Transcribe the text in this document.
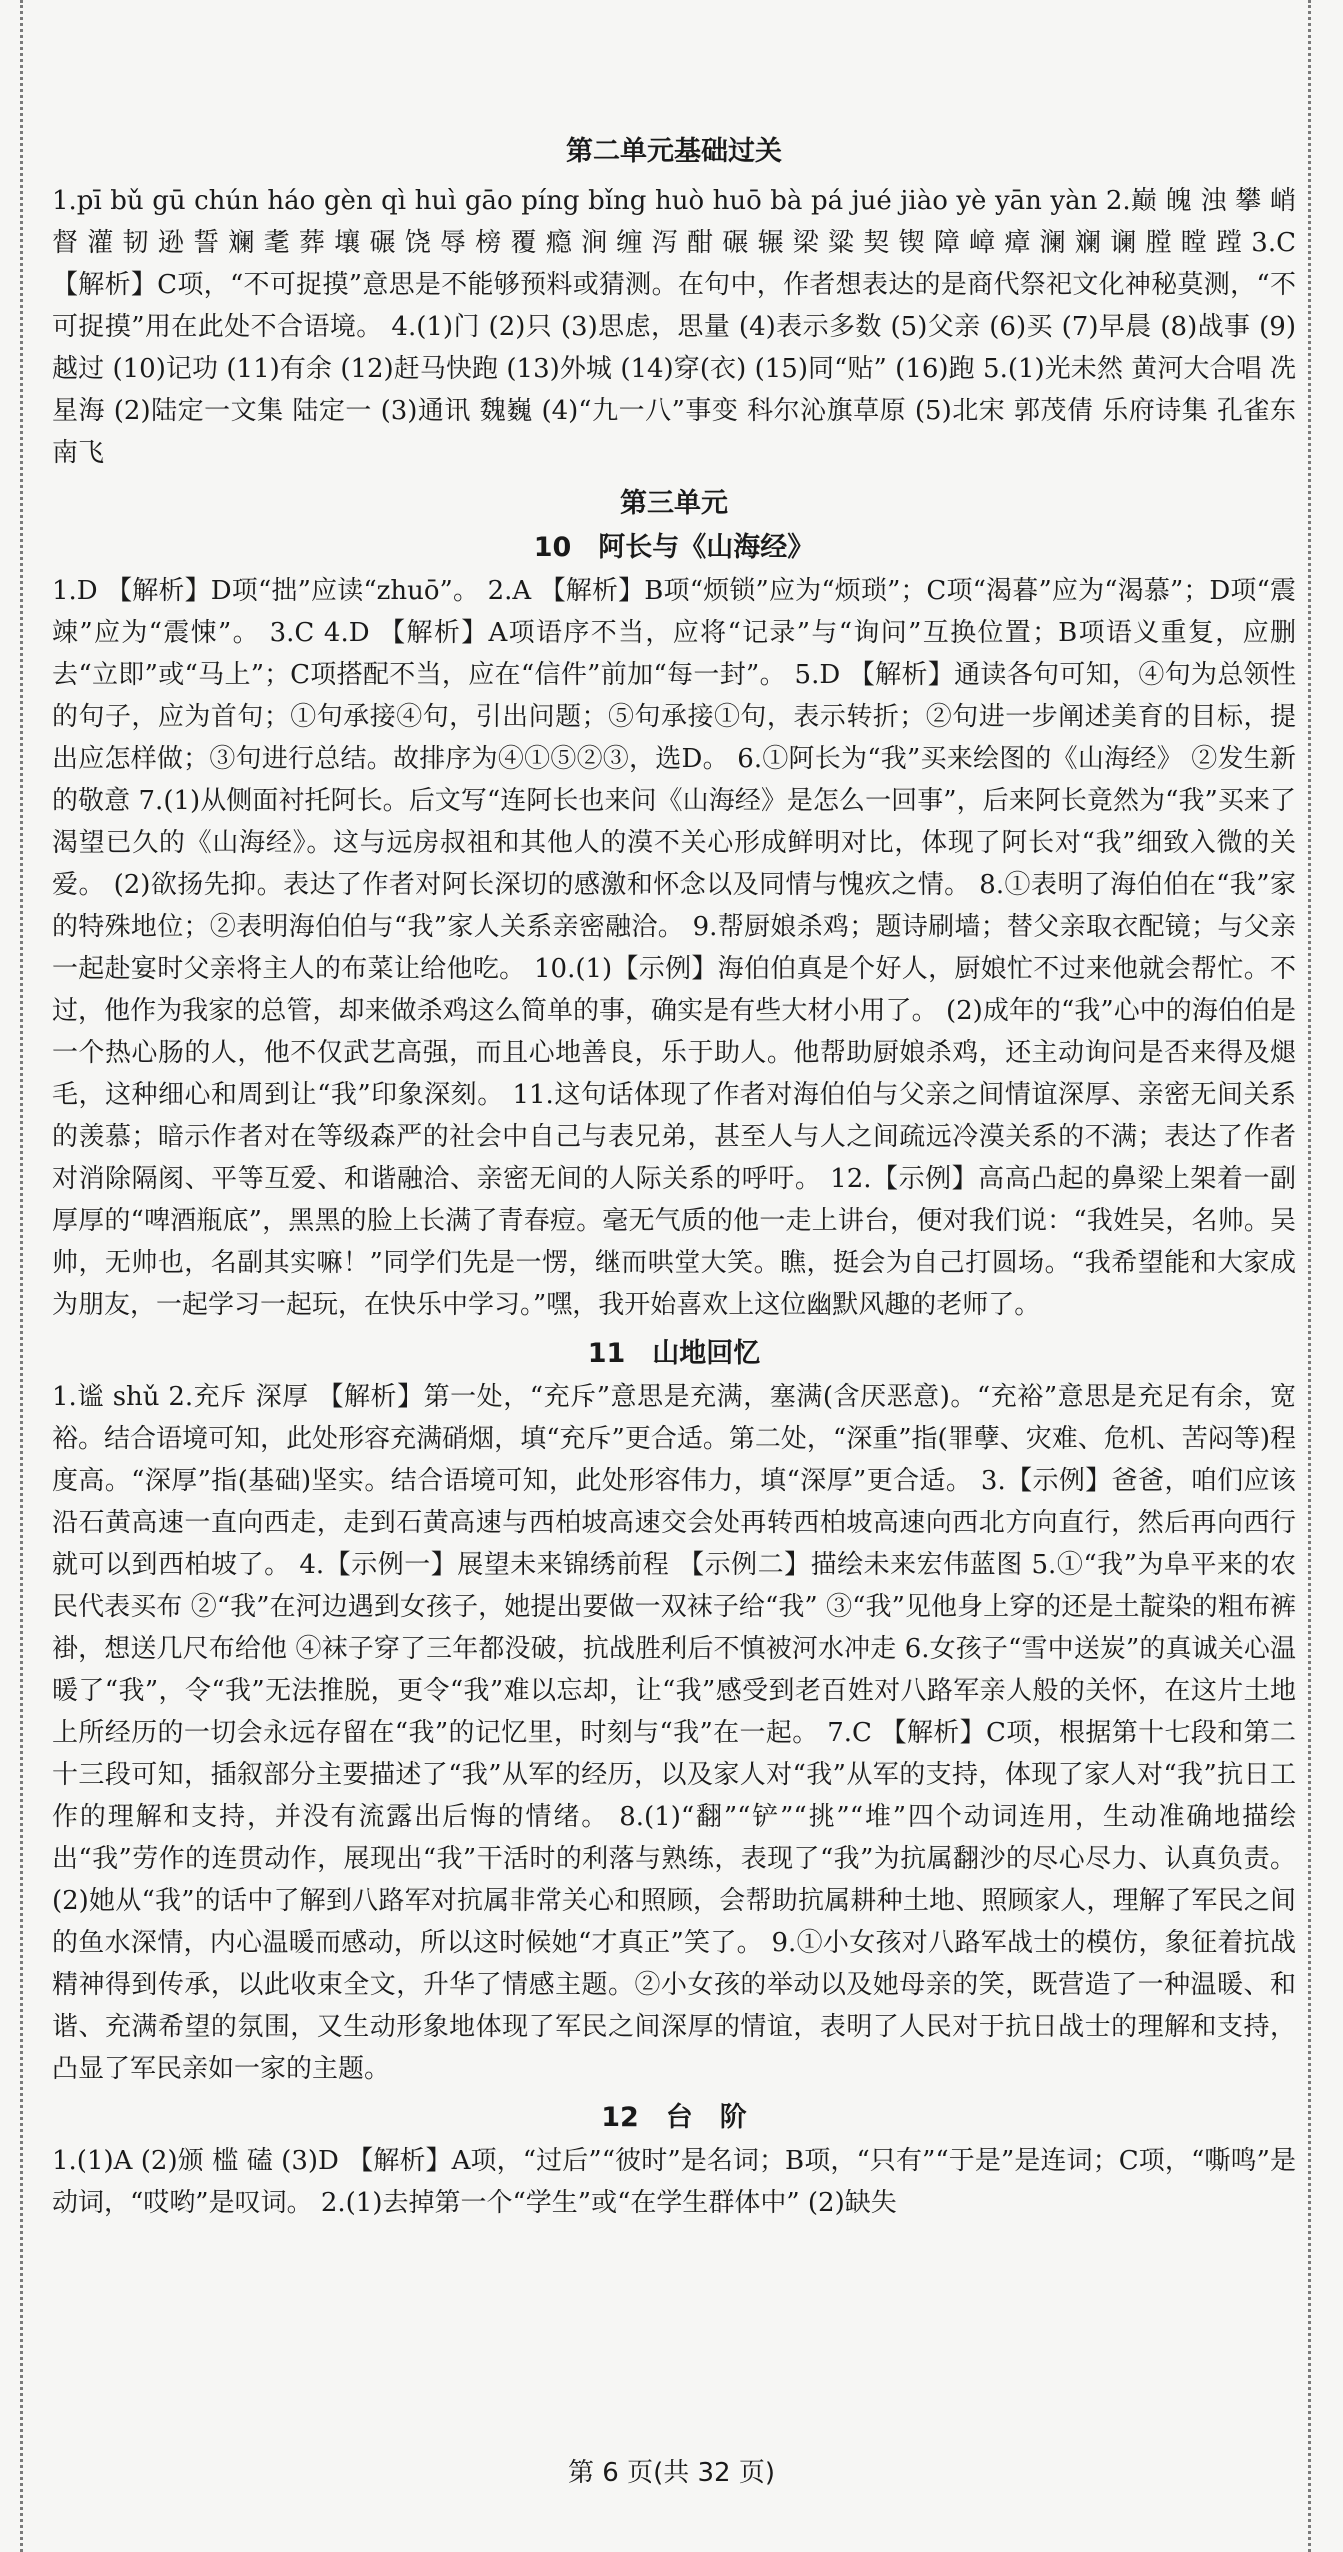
第二单元基础过关

1.pī bǔ gū chún háo gèn qì huì gāo píng bǐng huò huō bà pá jué jiào yè yān yàn 2.巅 魄 浊 攀 峭 督 灌 韧 逊 誓 斓 耄 葬 壤 碾 饶 辱 榜 覆 瘾 涧 缠 泻 酣 碾 辗 梁 粱 契 锲 障 嶂 瘴 澜 斓 谰 膛 瞠 蹚 3.C 【解析】C项，“不可捉摸”意思是不能够预料或猜测。在句中，作者想表达的是商代祭祀文化神秘莫测，“不可捉摸”用在此处不合语境。 4.(1)门 (2)只 (3)思虑，思量 (4)表示多数 (5)父亲 (6)买 (7)早晨 (8)战事 (9)越过 (10)记功 (11)有余 (12)赶马快跑 (13)外城 (14)穿(衣) (15)同“贴” (16)跑 5.(1)光未然 黄河大合唱 冼星海 (2)陆定一文集 陆定一 (3)通讯 魏巍 (4)“九一八”事变 科尔沁旗草原 (5)北宋 郭茂倩 乐府诗集 孔雀东南飞

第三单元
10　阿长与《山海经》

1.D 【解析】D项“拙”应读“zhuō”。 2.A 【解析】B项“烦锁”应为“烦琐”；C项“渴暮”应为“渴慕”；D项“震竦”应为“震悚”。 3.C 4.D 【解析】A项语序不当，应将“记录”与“询问”互换位置；B项语义重复，应删去“立即”或“马上”；C项搭配不当，应在“信件”前加“每一封”。 5.D 【解析】通读各句可知，④句为总领性的句子，应为首句；①句承接④句，引出问题；⑤句承接①句，表示转折；②句进一步阐述美育的目标，提出应怎样做；③句进行总结。故排序为④①⑤②③，选D。 6.①阿长为“我”买来绘图的《山海经》 ②发生新的敬意 7.(1)从侧面衬托阿长。后文写“连阿长也来问《山海经》是怎么一回事”，后来阿长竟然为“我”买来了渴望已久的《山海经》。这与远房叔祖和其他人的漠不关心形成鲜明对比，体现了阿长对“我”细致入微的关爱。 (2)欲扬先抑。表达了作者对阿长深切的感激和怀念以及同情与愧疚之情。 8.①表明了海伯伯在“我”家的特殊地位；②表明海伯伯与“我”家人关系亲密融洽。 9.帮厨娘杀鸡；题诗刷墙；替父亲取衣配镜；与父亲一起赴宴时父亲将主人的布菜让给他吃。 10.(1)【示例】海伯伯真是个好人，厨娘忙不过来他就会帮忙。不过，他作为我家的总管，却来做杀鸡这么简单的事，确实是有些大材小用了。 (2)成年的“我”心中的海伯伯是一个热心肠的人，他不仅武艺高强，而且心地善良，乐于助人。他帮助厨娘杀鸡，还主动询问是否来得及煺毛，这种细心和周到让“我”印象深刻。 11.这句话体现了作者对海伯伯与父亲之间情谊深厚、亲密无间关系的羡慕；暗示作者对在等级森严的社会中自己与表兄弟，甚至人与人之间疏远冷漠关系的不满；表达了作者对消除隔阂、平等互爱、和谐融洽、亲密无间的人际关系的呼吁。 12.【示例】高高凸起的鼻梁上架着一副厚厚的“啤酒瓶底”，黑黑的脸上长满了青春痘。毫无气质的他一走上讲台，便对我们说：“我姓吴，名帅。吴帅，无帅也，名副其实嘛！”同学们先是一愣，继而哄堂大笑。瞧，挺会为自己打圆场。“我希望能和大家成为朋友，一起学习一起玩，在快乐中学习。”嘿，我开始喜欢上这位幽默风趣的老师了。

11　山地回忆

1.谧 shǔ 2.充斥 深厚 【解析】第一处，“充斥”意思是充满，塞满(含厌恶意)。“充裕”意思是充足有余，宽裕。结合语境可知，此处形容充满硝烟，填“充斥”更合适。第二处，“深重”指(罪孽、灾难、危机、苦闷等)程度高。“深厚”指(基础)坚实。结合语境可知，此处形容伟力，填“深厚”更合适。 3.【示例】爸爸，咱们应该沿石黄高速一直向西走，走到石黄高速与西柏坡高速交会处再转西柏坡高速向西北方向直行，然后再向西行就可以到西柏坡了。 4.【示例一】展望未来锦绣前程 【示例二】描绘未来宏伟蓝图 5.①“我”为阜平来的农民代表买布 ②“我”在河边遇到女孩子，她提出要做一双袜子给“我” ③“我”见他身上穿的还是土靛染的粗布裤褂，想送几尺布给他 ④袜子穿了三年都没破，抗战胜利后不慎被河水冲走 6.女孩子“雪中送炭”的真诚关心温暖了“我”，令“我”无法推脱，更令“我”难以忘却，让“我”感受到老百姓对八路军亲人般的关怀，在这片土地上所经历的一切会永远存留在“我”的记忆里，时刻与“我”在一起。 7.C 【解析】C项，根据第十七段和第二十三段可知，插叙部分主要描述了“我”从军的经历，以及家人对“我”从军的支持，体现了家人对“我”抗日工作的理解和支持，并没有流露出后悔的情绪。 8.(1)“翻”“铲”“挑”“堆”四个动词连用，生动准确地描绘出“我”劳作的连贯动作，展现出“我”干活时的利落与熟练，表现了“我”为抗属翻沙的尽心尽力、认真负责。 (2)她从“我”的话中了解到八路军对抗属非常关心和照顾，会帮助抗属耕种土地、照顾家人，理解了军民之间的鱼水深情，内心温暖而感动，所以这时候她“才真正”笑了。 9.①小女孩对八路军战士的模仿，象征着抗战精神得到传承，以此收束全文，升华了情感主题。②小女孩的举动以及她母亲的笑，既营造了一种温暖、和谐、充满希望的氛围，又生动形象地体现了军民之间深厚的情谊，表明了人民对于抗日战士的理解和支持，凸显了军民亲如一家的主题。

12　台　阶

1.(1)A (2)颁 槛 磕 (3)D 【解析】A项，“过后”“彼时”是名词；B项，“只有”“于是”是连词；C项，“嘶鸣”是动词，“哎哟”是叹词。 2.(1)去掉第一个“学生”或“在学生群体中” (2)缺失

第 6 页(共 32 页)
